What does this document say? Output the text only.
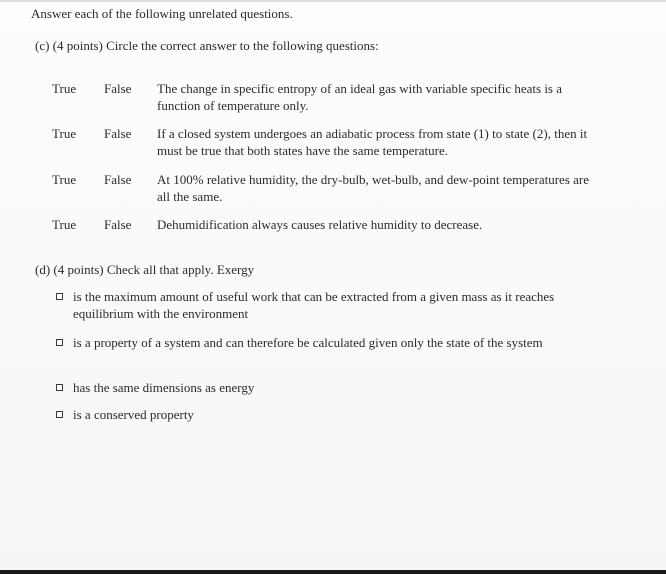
Answer each of the following unrelated questions.
(c) (4 points) Circle the correct answer to the following questions:
True False The change in specific entropy of an ideal gas with variable specific heats is a function of temperature only.
True False If a closed system undergoes an adiabatic process from state (1) to state (2), then it must be true that both states have the same temperature.
True False At 100% relative humidity, the dry-bulb, wet-bulb, and dew-point temperatures are all the same.
True False Dehumidification always causes relative humidity to decrease.
(d) (4 points) Check all that apply. Exergy
is the maximum amount of useful work that can be extracted from a given mass as it reaches equilibrium with the environment
is a property of a system and can therefore be calculated given only the state of the system
has the same dimensions as energy
is a conserved property
